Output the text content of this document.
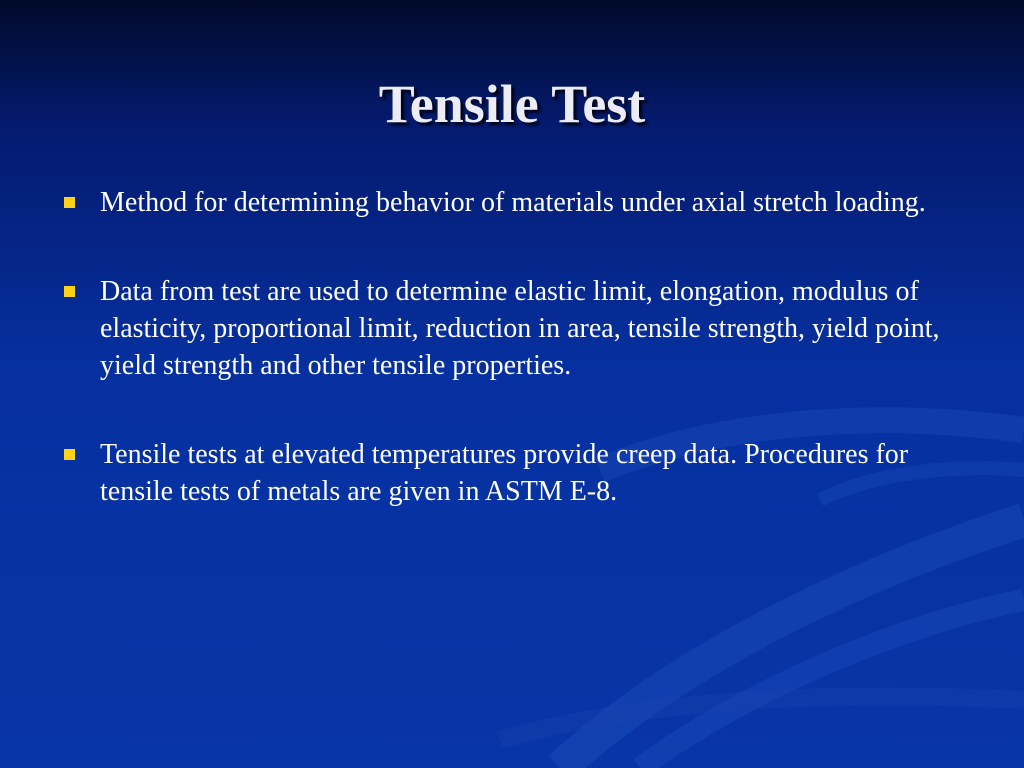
Tensile Test
Method for determining behavior of materials under axial stretch loading.
Data from test are used to determine elastic limit, elongation, modulus of elasticity, proportional limit, reduction in area, tensile strength, yield point, yield strength and other tensile properties.
Tensile tests at elevated temperatures provide creep data. Procedures for tensile tests of metals are given in ASTM E-8.
